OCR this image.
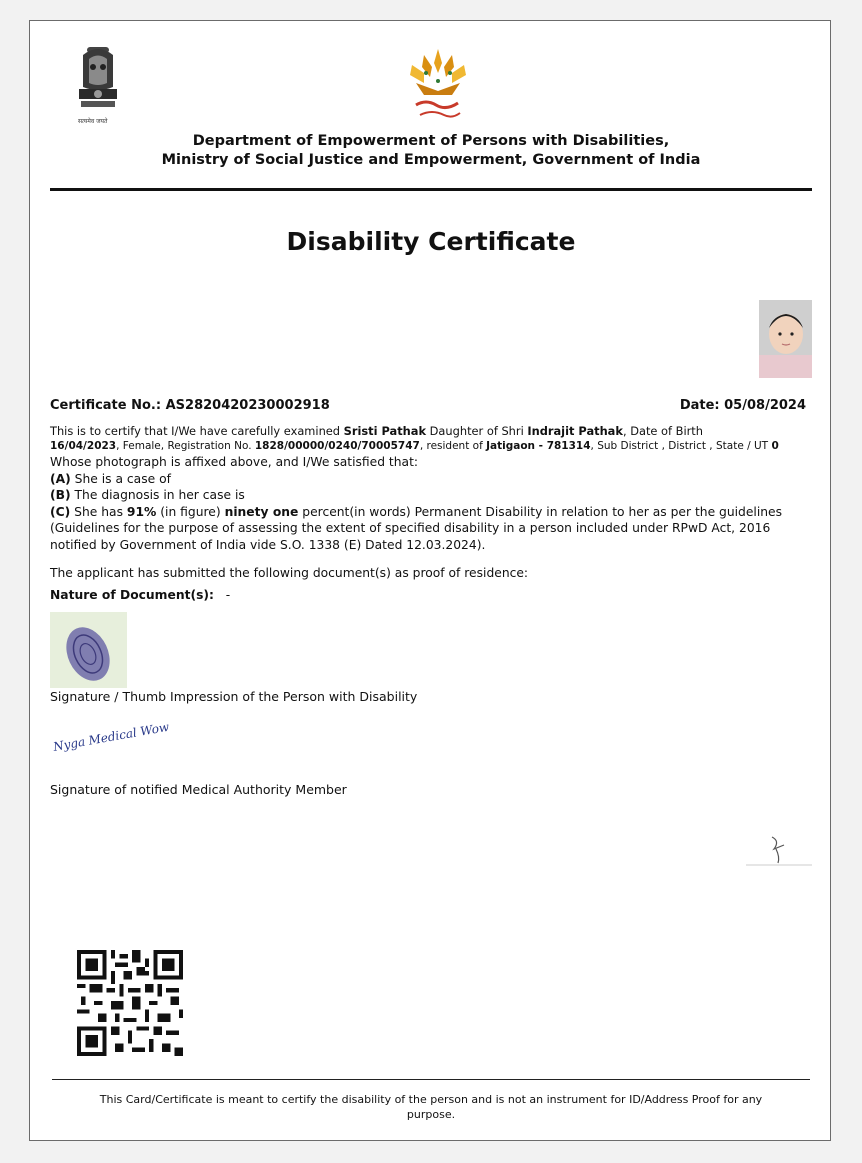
सत्यमेव जयते
Department of Empowerment of Persons with Disabilities,
Ministry of Social Justice and Empowerment, Government of India
Disability Certificate
Certificate No.: AS2820420230002918	Date: 05/08/2024
This is to certify that I/We have carefully examined Sristi Pathak Daughter of Shri Indrajit Pathak, Date of Birth
16/04/2023, Female, Registration No. 1828/00000/0240/70005747, resident of Jatigaon - 781314, Sub District , District , State / UT 0
Whose photograph is affixed above, and I/We satisfied that:
(A) She is a case of
(B) The diagnosis in her case is
(C) She has 91% (in figure) ninety one percent(in words) Permanent Disability in relation to her as per the guidelines (Guidelines for the purpose of assessing the extent of specified disability in a person included under RPwD Act, 2016 notified by Government of India vide S.O. 1338 (E) Dated 12.03.2024).
The applicant has submitted the following document(s) as proof of residence:
Nature of Document(s): -
Signature / Thumb Impression of the Person with Disability
Nyga Medical Wow
Signature of notified Medical Authority Member
This Card/Certificate is meant to certify the disability of the person and is not an instrument for ID/Address Proof for any
purpose.
